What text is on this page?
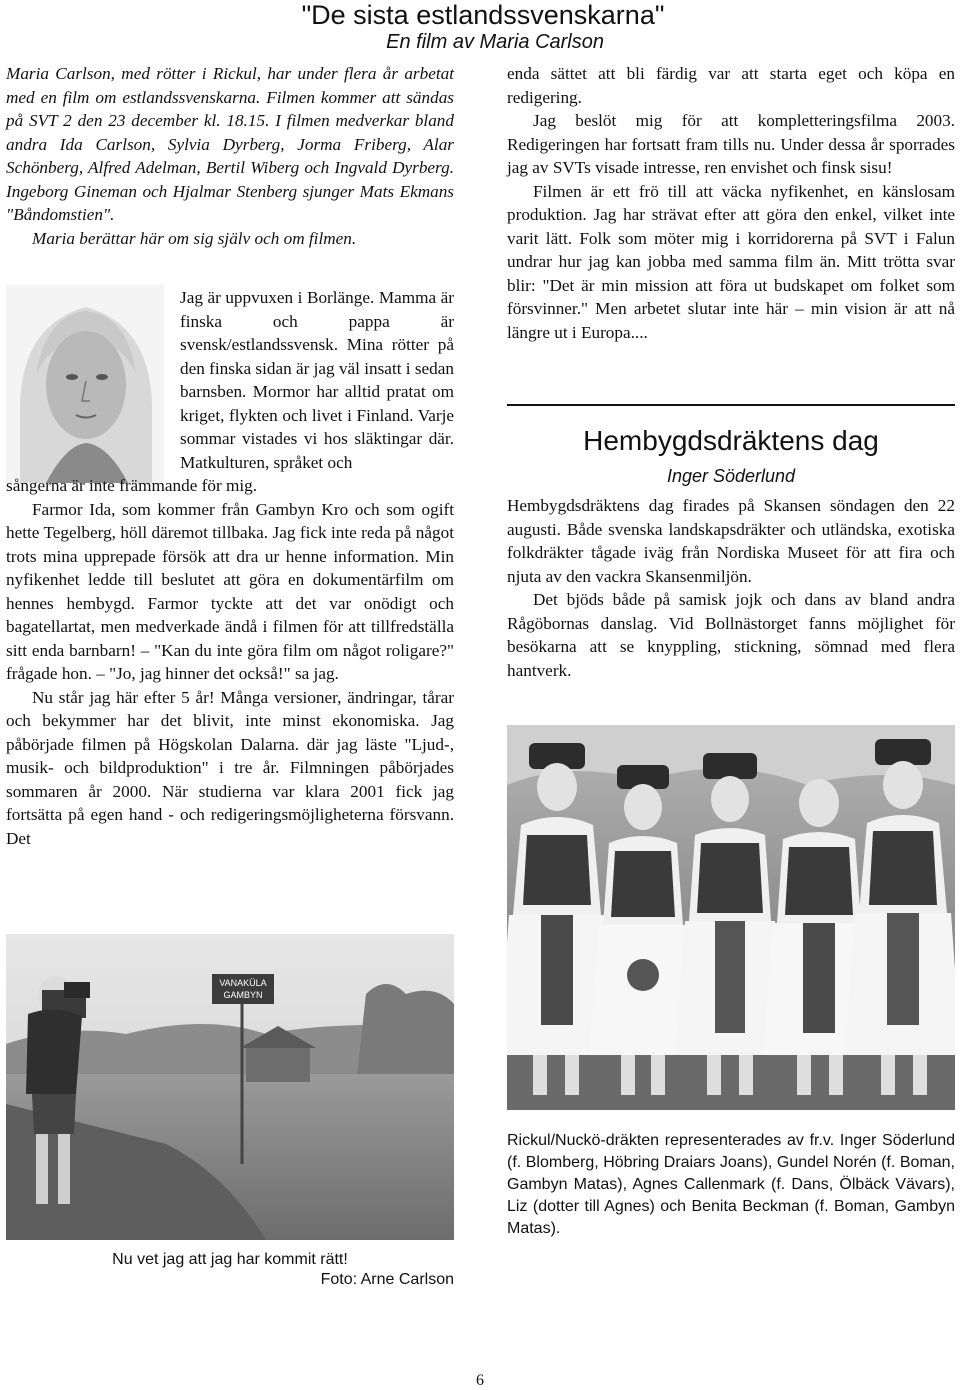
"De sista estlandssvenskarna"
En film av Maria Carlson

Maria Carlson, med rötter i Rickul, har under flera år arbetat med en film om estlandssvenskarna. Filmen kommer att sändas på SVT 2 den 23 december kl. 18.15. I filmen medverkar bland andra Ida Carlson, Sylvia Dyrberg, Jorma Friberg, Alar Schönberg, Alfred Adelman, Bertil Wiberg och Ingvald Dyrberg. Ingeborg Gineman och Hjalmar Stenberg sjunger Mats Ekmans "Båndomstien".

Maria berättar här om sig själv och om filmen.

Jag är uppvuxen i Borlänge. Mamma är finska och pappa är svensk/estlandssvensk. Mina rötter på den finska sidan är jag väl insatt i sedan barnsben. Mormor har alltid pratat om kriget, flykten och livet i Finland. Varje sommar vistades vi hos släktingar där. Matkulturen, språket och

sångerna är inte främmande för mig.

Farmor Ida, som kommer från Gambyn Kro och som ogift hette Tegelberg, höll däremot tillbaka. Jag fick inte reda på något trots mina upprepade försök att dra ur henne information. Min nyfikenhet ledde till beslutet att göra en dokumentärfilm om hennes hembygd. Farmor tyckte att det var onödigt och bagatellartat, men medverkade ändå i filmen för att tillfredställa sitt enda barnbarn! – "Kan du inte göra film om något roligare?" frågade hon. – "Jo, jag hinner det också!" sa jag.

Nu står jag här efter 5 år! Många versioner, ändringar, tårar och bekymmer har det blivit, inte minst ekonomiska. Jag påbörjade filmen på Högskolan Dalarna. där jag läste "Ljud-, musik- och bildproduktion" i tre år. Filmningen påbörjades sommaren år 2000. När studierna var klara 2001 fick jag fortsätta på egen hand - och redigeringsmöjligheterna försvann. Det

VANAKÜLA
GAMBYN
Nu vet jag att jag har kommit rätt!
Foto: Arne Carlson

enda sättet att bli färdig var att starta eget och köpa en redigering.

Jag beslöt mig för att kompletteringsfilma 2003. Redigeringen har fortsatt fram tills nu. Under dessa år sporrades jag av SVTs visade intresse, ren envishet och finsk sisu!

Filmen är ett frö till att väcka nyfikenhet, en känslosam produktion. Jag har strävat efter att göra den enkel, vilket inte varit lätt. Folk som möter mig i korridorerna på SVT i Falun undrar hur jag kan jobba med samma film än. Mitt trötta svar blir: "Det är min mission att föra ut budskapet om folket som försvinner." Men arbetet slutar inte här – min vision är att nå längre ut i Europa....

Hembygdsdräktens dag
Inger Söderlund

Hembygdsdräktens dag firades på Skansen söndagen den 22 augusti. Både svenska landskapsdräkter och utländska, exotiska folkdräkter tågade iväg från Nordiska Museet för att fira och njuta av den vackra Skansenmiljön.

Det bjöds både på samisk jojk och dans av bland andra Rågöbornas danslag. Vid Bollnästorget fanns möjlighet för besökarna att se knyppling, stickning, sömnad med flera hantverk.

Rickul/Nuckö-dräkten representerades av fr.v. Inger Söderlund (f. Blomberg, Höbring Draiars Joans), Gundel Norén (f. Boman, Gambyn Matas), Agnes Callenmark (f. Dans, Ölbäck Vävars), Liz (dotter till Agnes) och Benita Beckman (f. Boman, Gambyn Matas).
6
